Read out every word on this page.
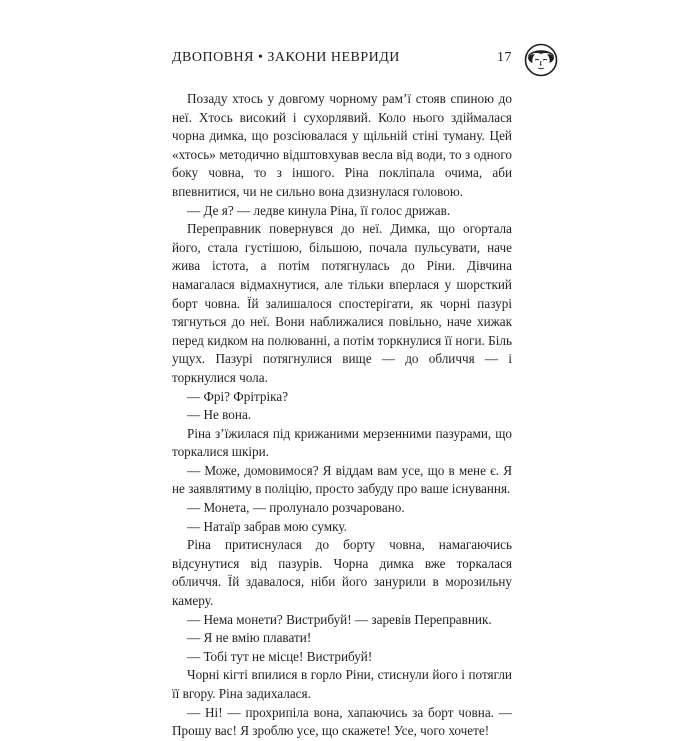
ДВОПОВНЯ • ЗАКОНИ НЕВРИДИ	17

Позаду хтось у довгому чорному рам’ї стояв спиною до неї. Хтось високий і сухорлявий. Коло нього здіймалася чорна димка, що розсіювалася у щільній стіні туману. Цей «хтось» методично відштовхував весла від води, то з одного боку човна, то з іншого. Ріна поклiпала очима, аби впевнитися, чи не сильно вона дзизнулася головою.

— Де я? — ледве кинула Ріна, її голос дрижав.

Переправник повернувся до неї. Димка, що огортала його, стала густішою, більшою, почала пульсувати, наче жива істота, а потім потягнулась до Ріни. Дівчина намагалася відмахнутися, але тільки вперлася у шорсткий борт човна. Їй залишалося спостерігати, як чорні пазурі тягнуться до неї. Вони наближалися повільно, наче хижак перед кидком на полюванні, а потім торкнулися її ноги. Біль ущух. Пазурі потягнулися вище — до обличчя — і торкнулися чола.

— Фрі? Фрітріка?

— Не вона.

Ріна з’їжилася під крижаними мерзенними пазурами, що торкалися шкіри.

— Може, домовимося? Я віддам вам усе, що в мене є. Я не заявлятиму в поліцію, просто забуду про ваше існування.

— Монета, — пролунало розчаровано.

— Натаїр забрав мою сумку.

Ріна притиснулася до борту човна, намагаючись відсунутися від пазурів. Чорна димка вже торкалася обличчя. Їй здавалося, ніби його занурили в морозильну камеру.

— Нема монети? Вистрибуй! — заревів Переправник.

— Я не вмію плавати!

— Тобі тут не місце! Вистрибуй!

Чорні кігті впилися в горло Ріни, стиснули його і потягли її вгору. Ріна задихалася.

— Ні! — прохрипіла вона, хапаючись за борт човна. — Прошу вас! Я зроблю усе, що скажете! Усе, чого хочете!
